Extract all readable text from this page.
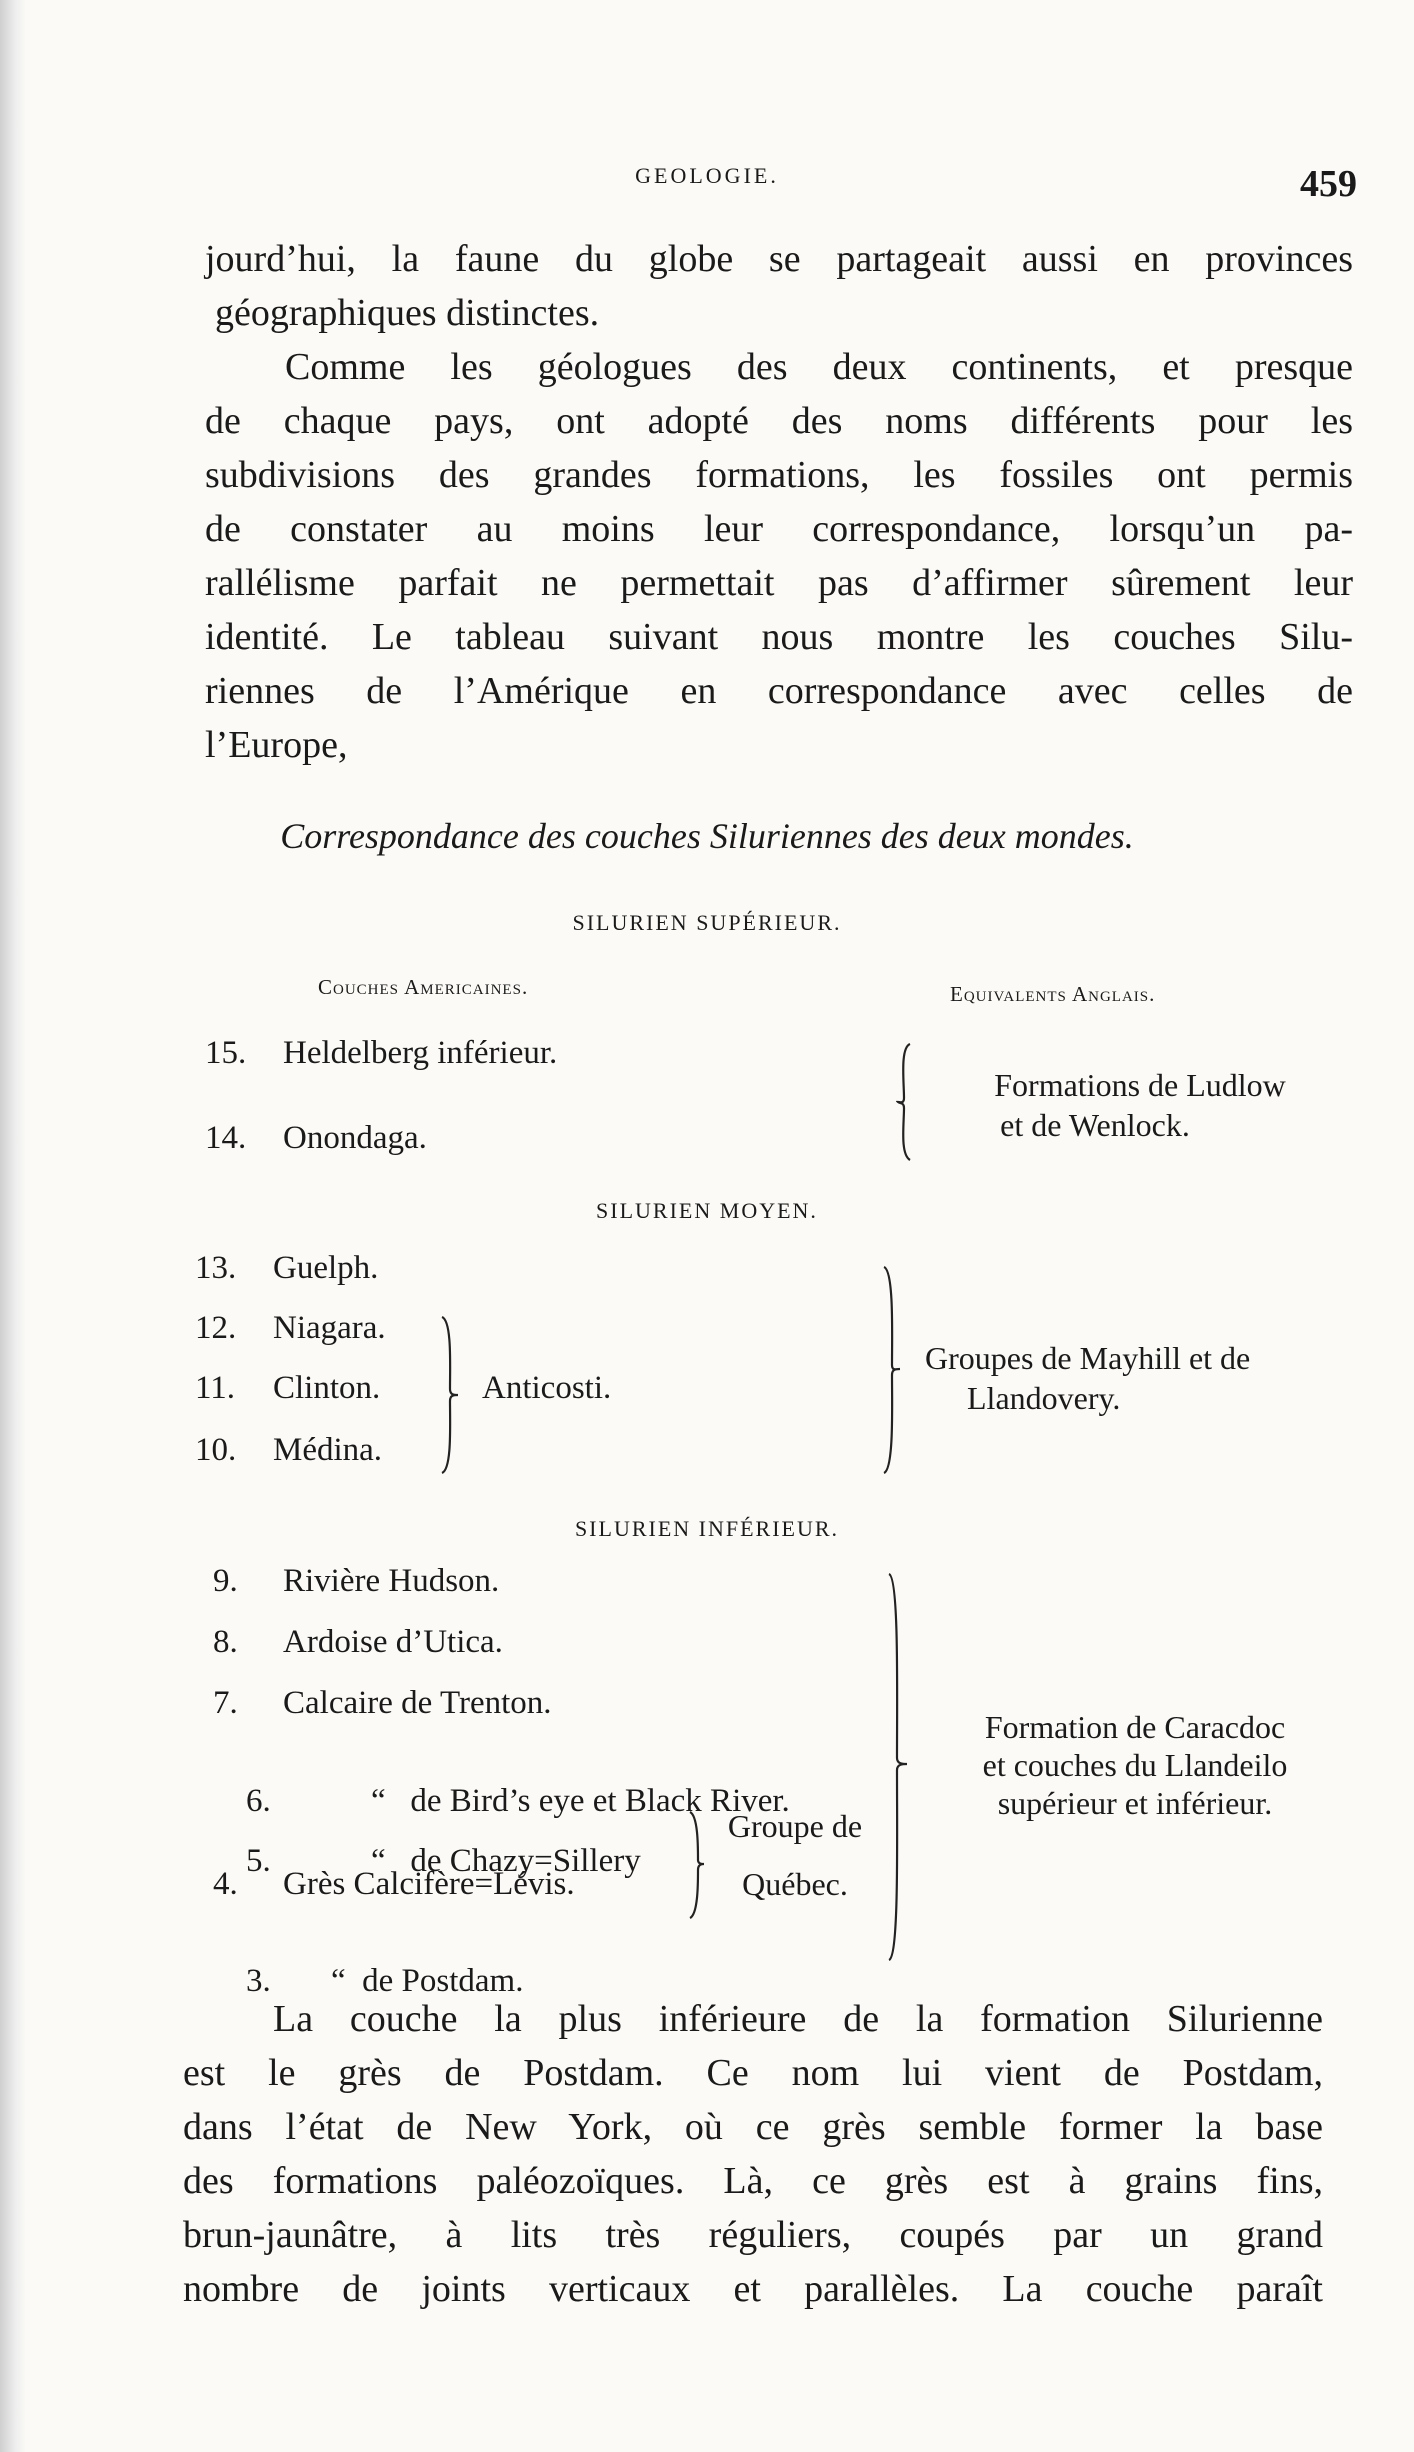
GEOLOGIE.	459
jourd’hui, la faune du globe se partageait aussi en provinces
géographiques distinctes.
Comme les géologues des deux continents, et presque
de chaque pays, ont adopté des noms différents pour les
subdivisions des grandes formations, les fossiles ont permis
de constater au moins leur correspondance, lorsqu’un pa-
rallélisme parfait ne permettait pas d’affirmer sûrement leur
identité. Le tableau suivant nous montre les couches Silu-
riennes de l’Amérique en correspondance avec celles de
l’Europe,
Correspondance des couches Siluriennes des deux mondes.
SILURIEN SUPÉRIEUR.
Couches Americaines.	Equivalents Anglais.
15. Heldelberg inférieur.
14. Onondaga.
Formations de Ludlow
et de Wenlock.
SILURIEN MOYEN.
13. Guelph.
12. Niagara.
11. Clinton.
10. Médina.
Anticosti.
Groupes de Mayhill et de
Llandovery.
SILURIEN INFÉRIEUR.
9. Rivière Hudson.
8. Ardoise d’Utica.
7. Calcaire de Trenton.

6.	“   de Bird’s eye et Black River.

5.	“   de Chazy=Sillery

4. Grès Calcifère=Lévis.

3. “  de Postdam.

Groupe de
Québec.
Formation de Caracdoc
et couches du Llandeilo
supérieur et inférieur.
La couche la plus inférieure de la formation Silurienne
est le grès de Postdam. Ce nom lui vient de Postdam,
dans l’état de New York, où ce grès semble former la base
des formations paléozoïques. Là, ce grès est à grains fins,
brun-jaunâtre, à lits très réguliers, coupés par un grand
nombre de joints verticaux et parallèles. La couche paraît
